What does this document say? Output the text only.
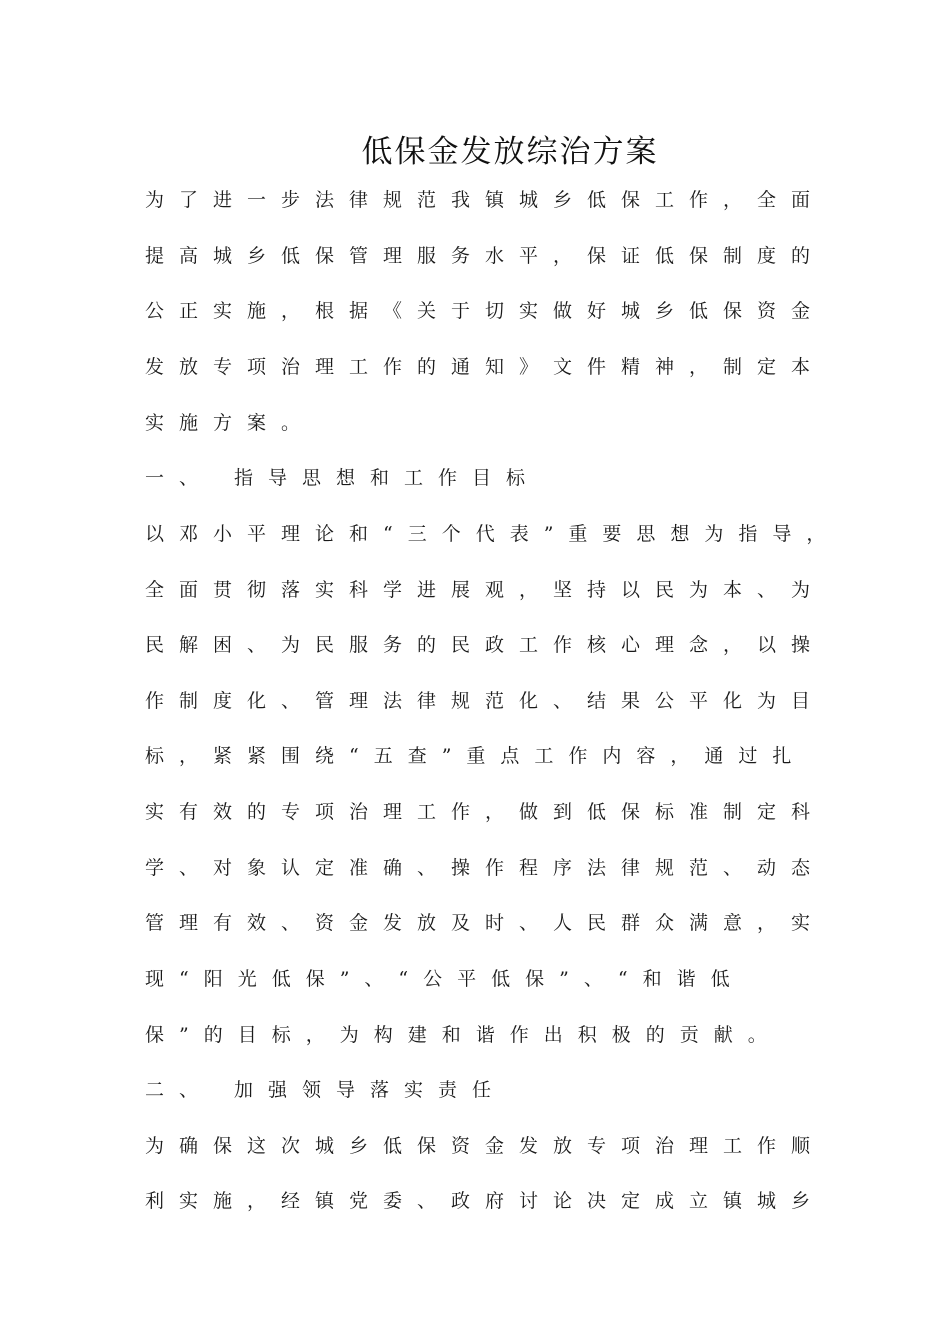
低保金发放综治方案
为了进一步法律规范我镇城乡低保工作，全面
提高城乡低保管理服务水平，保证低保制度的
公正实施，根据《关于切实做好城乡低保资金
发放专项治理工作的通知》文件精神，制定本
实施方案。
一、 指导思想和工作目标
以邓小平理论和“三个代表”重要思想为指导，
全面贯彻落实科学进展观，坚持以民为本、为
民解困、为民服务的民政工作核心理念，以操
作制度化、管理法律规范化、结果公平化为目
标，紧紧围绕“五查”重点工作内容，通过扎
实有效的专项治理工作，做到低保标准制定科
学、对象认定准确、操作程序法律规范、动态
管理有效、资金发放及时、人民群众满意，实
现“阳光低保”、“公平低保”、“和谐低
保”的目标，为构建和谐作出积极的贡献。
二、 加强领导落实责任
为确保这次城乡低保资金发放专项治理工作顺
利实施，经镇党委、政府讨论决定成立镇城乡
